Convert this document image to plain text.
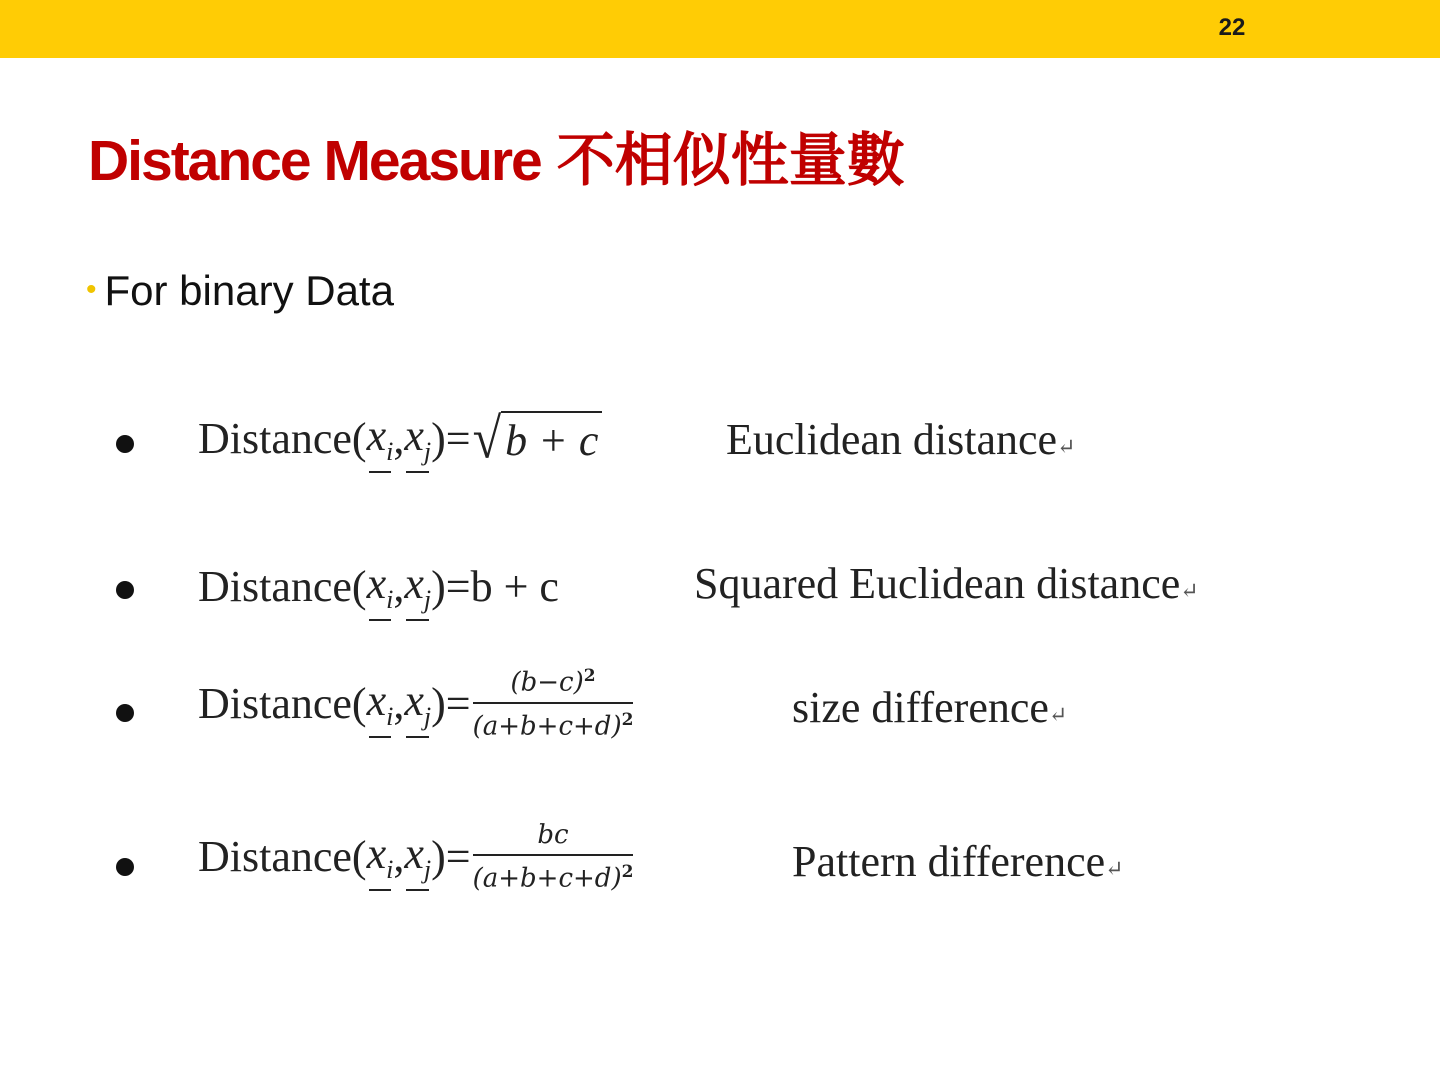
22
Distance Measure 不相似性量數
• For binary Data
Distance( $x_i$ , $x_j$ )= √ b + c	Euclidean distance↵
Distance( $x_i$ , $x_j$ )= b + c	Squared Euclidean distance↵
Distance( $x_i$ , $x_j$ )= $\frac{(b-c)^2}{(a+b+c+d)^2}$	size difference↵
Distance( $x_i$ , $x_j$ )= $\frac{bc}{(a+b+c+d)^2}$	Pattern difference↵
